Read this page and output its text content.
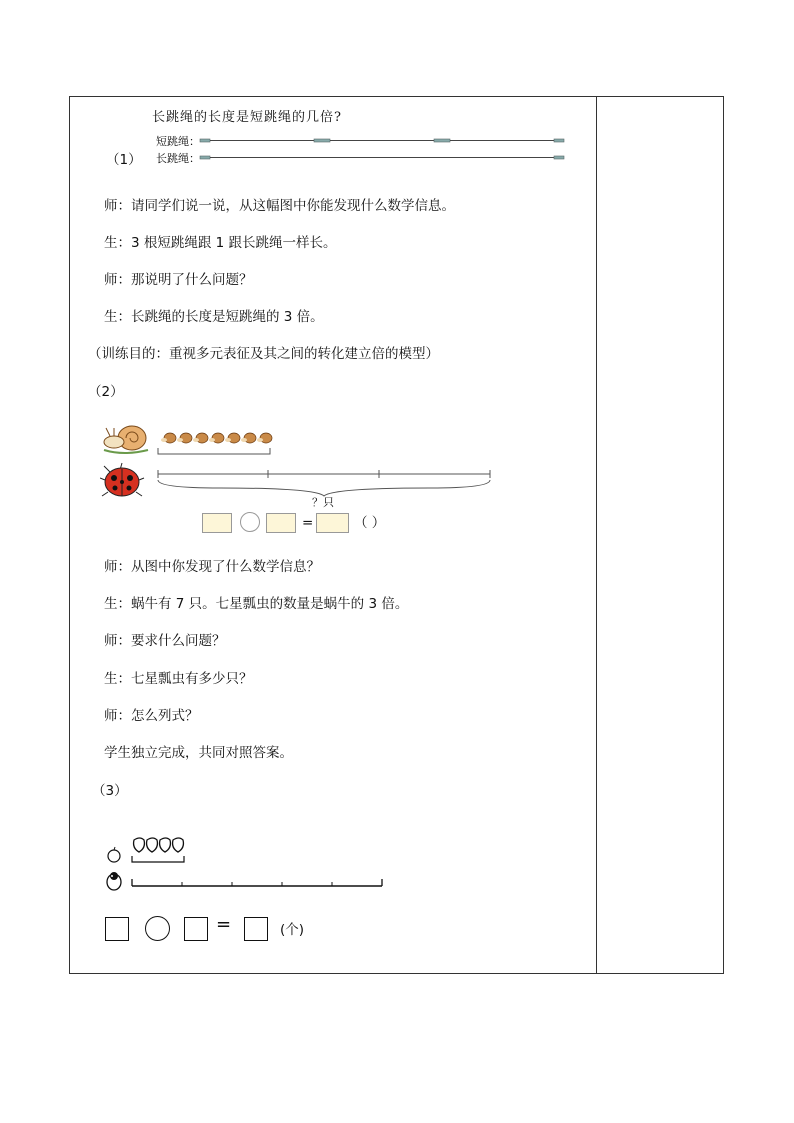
长跳绳的长度是短跳绳的几倍?
短跳绳：
长跳绳：
（1）
师：请同学们说一说，从这幅图中你能发现什么数学信息。
生：3 根短跳绳跟 1 跟长跳绳一样长。
师：那说明了什么问题？
生：长跳绳的长度是短跳绳的 3 倍。
（训练目的：重视多元表征及其之间的转化建立倍的模型）
（2）
？只
=	（ ）
师：从图中你发现了什么数学信息？
生：蜗牛有 7 只。七星瓢虫的数量是蜗牛的 3 倍。
师：要求什么问题？
生：七星瓢虫有多少只？
师：怎么列式？
学生独立完成，共同对照答案。
（3）
=	(个)
